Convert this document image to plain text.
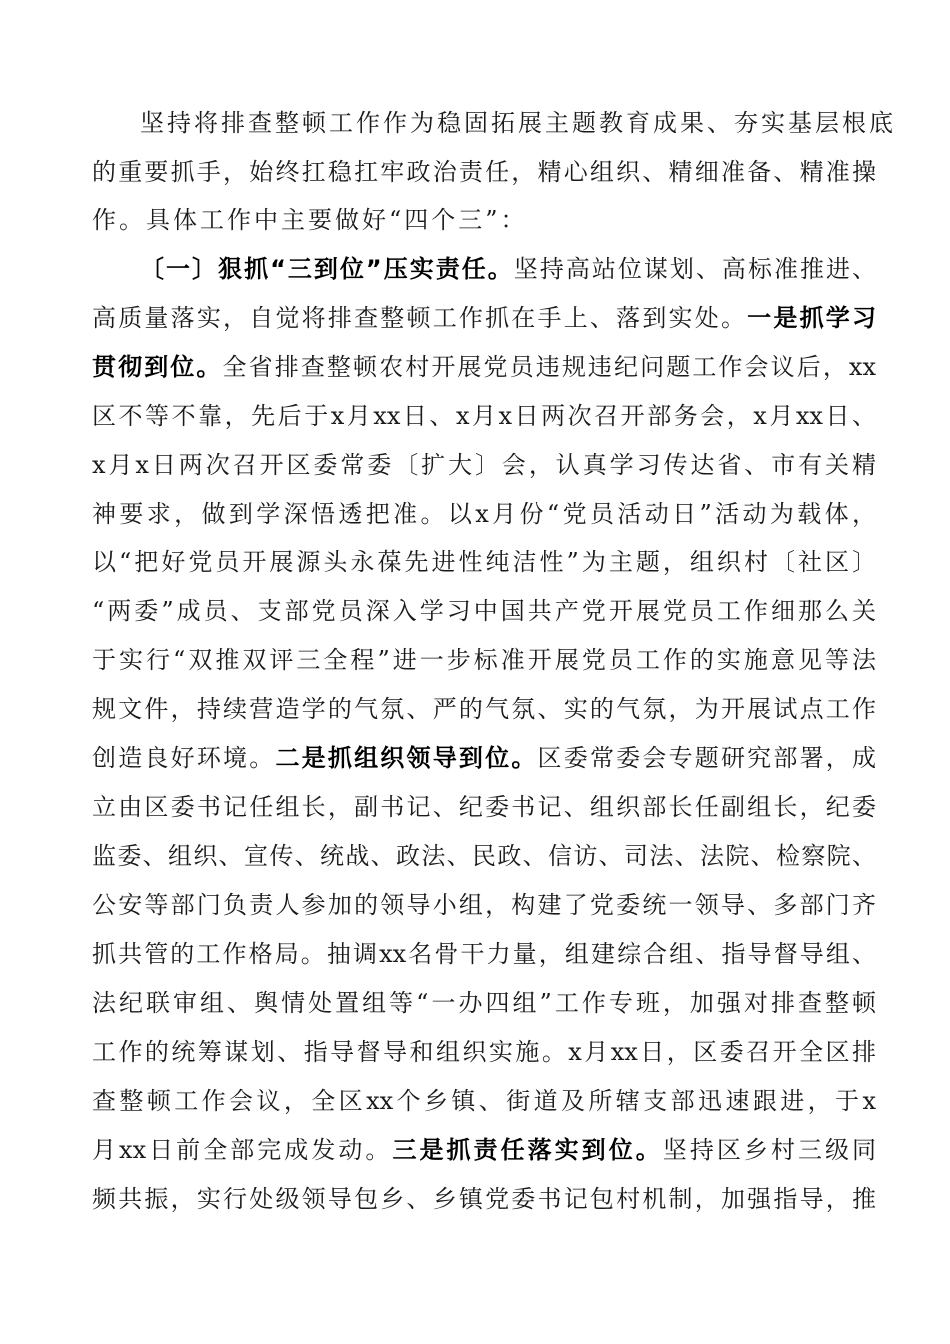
坚持将排查整顿工作作为稳固拓展主题教育成果、夯实基层根底
的重要抓手，始终扛稳扛牢政治责任，精心组织、精细准备、精准操
作。具体工作中主要做好“四个三”：
〔一〕狠抓“三到位”压实责任。坚持高站位谋划、高标准推进、
高质量落实，自觉将排查整顿工作抓在手上、落到实处。一是抓学习
贯彻到位。全省排查整顿农村开展党员违规违纪问题工作会议后，xx
区不等不靠，先后于x月xx日、x月x日两次召开部务会，x月xx日、
x月x日两次召开区委常委〔扩大〕会，认真学习传达省、市有关精
神要求，做到学深悟透把准。以x月份“党员活动日”活动为载体，
以“把好党员开展源头永葆先进性纯洁性”为主题，组织村〔社区〕
“两委”成员、支部党员深入学习中国共产党开展党员工作细那么关
于实行“双推双评三全程”进一步标准开展党员工作的实施意见等法
规文件，持续营造学的气氛、严的气氛、实的气氛，为开展试点工作
创造良好环境。二是抓组织领导到位。区委常委会专题研究部署，成
立由区委书记任组长，副书记、纪委书记、组织部长任副组长，纪委
监委、组织、宣传、统战、政法、民政、信访、司法、法院、检察院、
公安等部门负责人参加的领导小组，构建了党委统一领导、多部门齐
抓共管的工作格局。抽调xx名骨干力量，组建综合组、指导督导组、
法纪联审组、舆情处置组等“一办四组”工作专班，加强对排查整顿
工作的统筹谋划、指导督导和组织实施。x月xx日，区委召开全区排
查整顿工作会议，全区xx个乡镇、街道及所辖支部迅速跟进，于x
月xx日前全部完成发动。三是抓责任落实到位。坚持区乡村三级同
频共振，实行处级领导包乡、乡镇党委书记包村机制，加强指导，推
